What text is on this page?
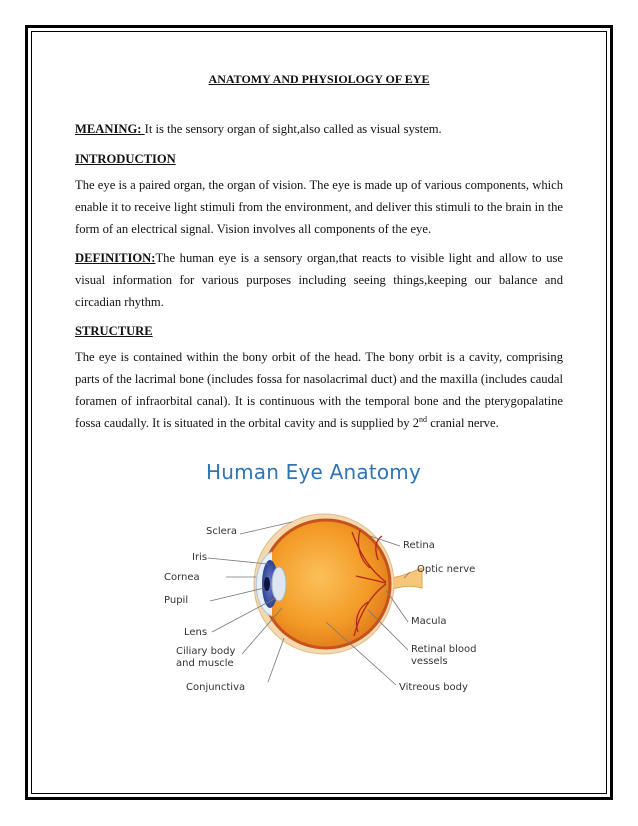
ANATOMY AND PHYSIOLOGY OF EYE

MEANING: It is the sensory organ of sight,also called as visual system.

INTRODUCTION

The eye is a paired organ, the organ of vision. The eye is made up of various components, which enable it to receive light stimuli from the environment, and deliver this stimuli to the brain in the form of an electrical signal. Vision involves all components of the eye.

DEFINITION:The human eye is a sensory organ,that reacts to visible light and allow to use visual information for various purposes including seeing things,keeping our balance and circadian rhythm.

STRUCTURE

The eye is contained within the bony orbit of the head. The bony orbit is a cavity, comprising parts of the lacrimal bone (includes fossa for nasolacrimal duct) and the maxilla (includes caudal foramen of infraorbital canal). It is continuous with the temporal bone and the pterygopalatine fossa caudally. It is situated in the orbital cavity and is supplied by 2nd cranial nerve.

Human Eye Anatomy
Sclera
Iris
Cornea
Pupil
Lens
Ciliary body
and muscle
Conjunctiva
Retina
Optic nerve
Macula
Retinal blood
vessels
Vitreous body
